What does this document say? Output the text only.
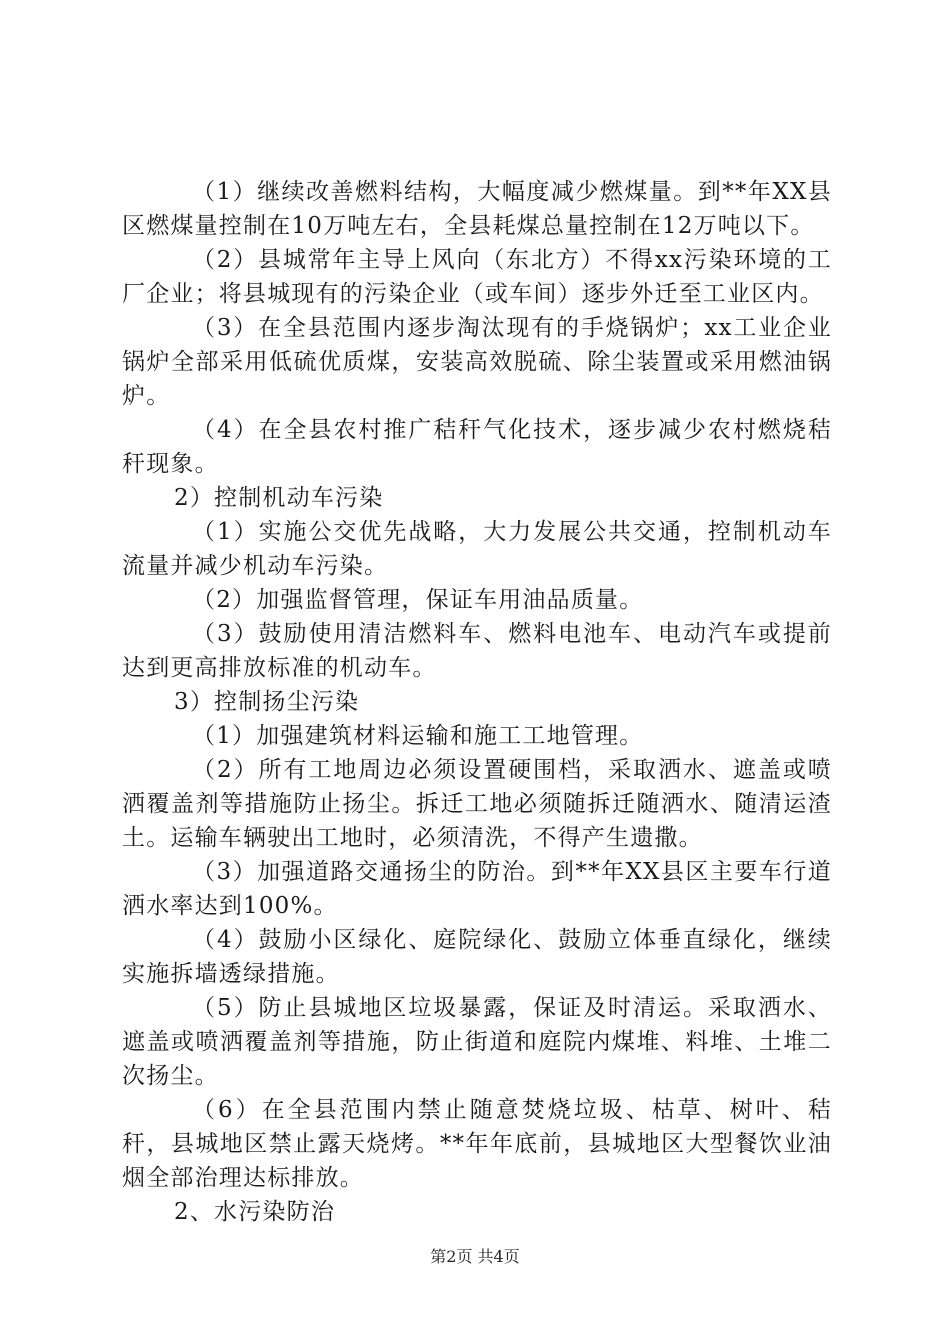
（1）继续改善燃料结构，大幅度减少燃煤量。到**年XX县区燃煤量控制在10万吨左右，全县耗煤总量控制在12万吨以下。

（2）县城常年主导上风向（东北方）不得xx污染环境的工厂企业；将县城现有的污染企业（或车间）逐步外迁至工业区内。

（3）在全县范围内逐步淘汰现有的手烧锅炉；xx工业企业锅炉全部采用低硫优质煤，安装高效脱硫、除尘装置或采用燃油锅炉。

（4）在全县农村推广秸秆气化技术，逐步减少农村燃烧秸秆现象。

2）控制机动车污染

（1）实施公交优先战略，大力发展公共交通，控制机动车流量并减少机动车污染。

（2）加强监督管理，保证车用油品质量。

（3）鼓励使用清洁燃料车、燃料电池车、电动汽车或提前达到更高排放标准的机动车。

3）控制扬尘污染

（1）加强建筑材料运输和施工工地管理。

（2）所有工地周边必须设置硬围档，采取洒水、遮盖或喷洒覆盖剂等措施防止扬尘。拆迁工地必须随拆迁随洒水、随清运渣土。运输车辆驶出工地时，必须清洗，不得产生遗撒。

（3）加强道路交通扬尘的防治。到**年XX县区主要车行道洒水率达到100%。

（4）鼓励小区绿化、庭院绿化、鼓励立体垂直绿化，继续实施拆墙透绿措施。

（5）防止县城地区垃圾暴露，保证及时清运。采取洒水、遮盖或喷洒覆盖剂等措施，防止街道和庭院内煤堆、料堆、土堆二次扬尘。

（6）在全县范围内禁止随意焚烧垃圾、枯草、树叶、秸秆，县城地区禁止露天烧烤。**年年底前，县城地区大型餐饮业油烟全部治理达标排放。

2、水污染防治

第2页 共4页
